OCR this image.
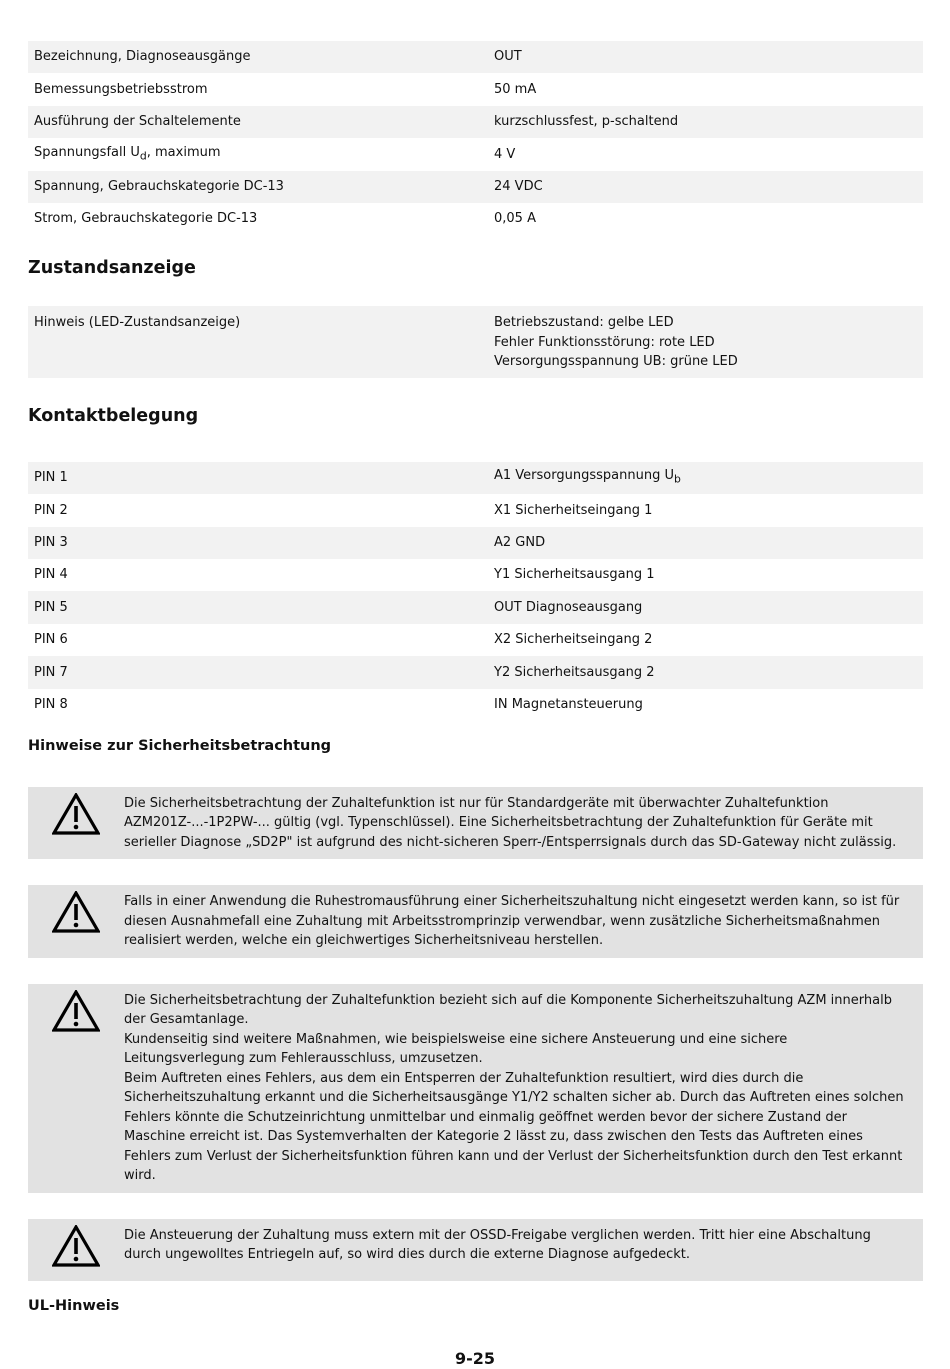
Bezeichnung, Diagnoseausgänge	OUT
Bemessungsbetriebsstrom	50 mA
Ausführung der Schaltelemente	kurzschlussfest, p-schaltend
Spannungsfall $U_d$, maximum	4 V
Spannung, Gebrauchskategorie DC-13	24 VDC
Strom, Gebrauchskategorie DC-13	0,05 A
Zustandsanzeige
Hinweis (LED-Zustandsanzeige)	Betriebszustand: gelbe LED
Fehler Funktionsstörung: rote LED
Versorgungsspannung UB: grüne LED
Kontaktbelegung
PIN 1	A1 Versorgungsspannung $U_b$
PIN 2	X1 Sicherheitseingang 1
PIN 3	A2 GND
PIN 4	Y1 Sicherheitsausgang 1
PIN 5	OUT Diagnoseausgang
PIN 6	X2 Sicherheitseingang 2
PIN 7	Y2 Sicherheitsausgang 2
PIN 8	IN Magnetansteuerung
Hinweise zur Sicherheitsbetrachtung
Die Sicherheitsbetrachtung der Zuhaltefunktion ist nur für Standardgeräte mit überwachter Zuhaltefunktion AZM201Z-...-1P2PW-... gültig (vgl. Typenschlüssel). Eine Sicherheitsbetrachtung der Zuhaltefunktion für Geräte mit serieller Diagnose „SD2P" ist aufgrund des nicht-sicheren Sperr-/Entsperrsignals durch das SD-Gateway nicht zulässig.
Falls in einer Anwendung die Ruhestromausführung einer Sicherheitszuhaltung nicht eingesetzt werden kann, so ist für diesen Ausnahmefall eine Zuhaltung mit Arbeitsstromprinzip verwendbar, wenn zusätzliche Sicherheitsmaßnahmen realisiert werden, welche ein gleichwertiges Sicherheitsniveau herstellen.
Die Sicherheitsbetrachtung der Zuhaltefunktion bezieht sich auf die Komponente Sicherheitszuhaltung AZM innerhalb der Gesamtanlage.
Kundenseitig sind weitere Maßnahmen, wie beispielsweise eine sichere Ansteuerung und eine sichere Leitungsverlegung zum Fehlerausschluss, umzusetzen.
Beim Auftreten eines Fehlers, aus dem ein Entsperren der Zuhaltefunktion resultiert, wird dies durch die Sicherheitszuhaltung erkannt und die Sicherheitsausgänge Y1/Y2 schalten sicher ab. Durch das Auftreten eines solchen Fehlers könnte die Schutzeinrichtung unmittelbar und einmalig geöffnet werden bevor der sichere Zustand der Maschine erreicht ist. Das Systemverhalten der Kategorie 2 lässt zu, dass zwischen den Tests das Auftreten eines Fehlers zum Verlust der Sicherheitsfunktion führen kann und der Verlust der Sicherheitsfunktion durch den Test erkannt wird.
Die Ansteuerung der Zuhaltung muss extern mit der OSSD-Freigabe verglichen werden. Tritt hier eine Abschaltung durch ungewolltes Entriegeln auf, so wird dies durch die externe Diagnose aufgedeckt.
UL-Hinweis
9-25
